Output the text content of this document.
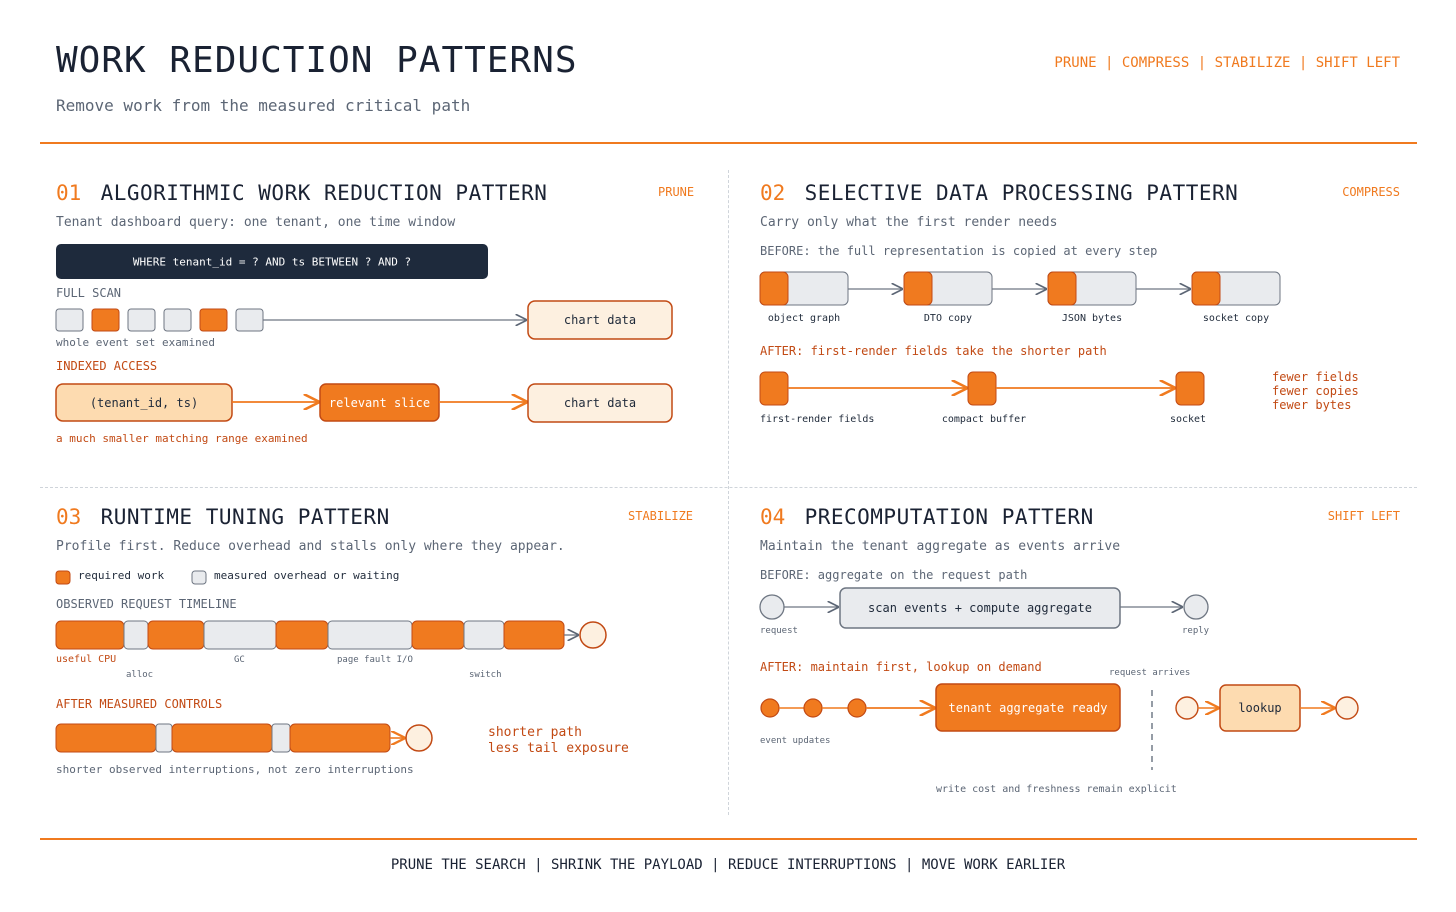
WORK REDUCTION PATTERNS
Remove work from the measured critical path
PRUNE | COMPRESS | STABILIZE | SHIFT LEFT
01 ALGORITHMIC WORK REDUCTION PATTERN	PRUNE
Tenant dashboard query: one tenant, one time window
FULL SCAN
whole event set examined
INDEXED ACCESS
a much smaller matching range examined
02 SELECTIVE DATA PROCESSING PATTERN	COMPRESS
Carry only what the first render needs
BEFORE: the full representation is copied at every step
AFTER: first-render fields take the shorter path
fewer fields
fewer copies
fewer bytes
03 RUNTIME TUNING PATTERN	STABILIZE
Profile first. Reduce overhead and stalls only where they appear.
required work	measured overhead or waiting
OBSERVED REQUEST TIMELINE
useful CPU
alloc
GC	page fault I/O
switch
AFTER MEASURED CONTROLS
shorter observed interruptions, not zero interruptions
shorter path
less tail exposure
04 PRECOMPUTATION PATTERN	SHIFT LEFT
Maintain the tenant aggregate as events arrive
BEFORE: aggregate on the request path
request	reply
AFTER: maintain first, lookup on demand	request arrives
event updates
write cost and freshness remain explicit
WHERE tenant_id = ? AND ts BETWEEN ? AND ?
chart data
(tenant_id, ts)	relevant slice	chart data
object graph	DTO copy	JSON bytes	socket copy
first-render fields	compact buffer	socket
scan events + compute aggregate
tenant aggregate ready	lookup
PRUNE THE SEARCH | SHRINK THE PAYLOAD | REDUCE INTERRUPTIONS | MOVE WORK EARLIER
